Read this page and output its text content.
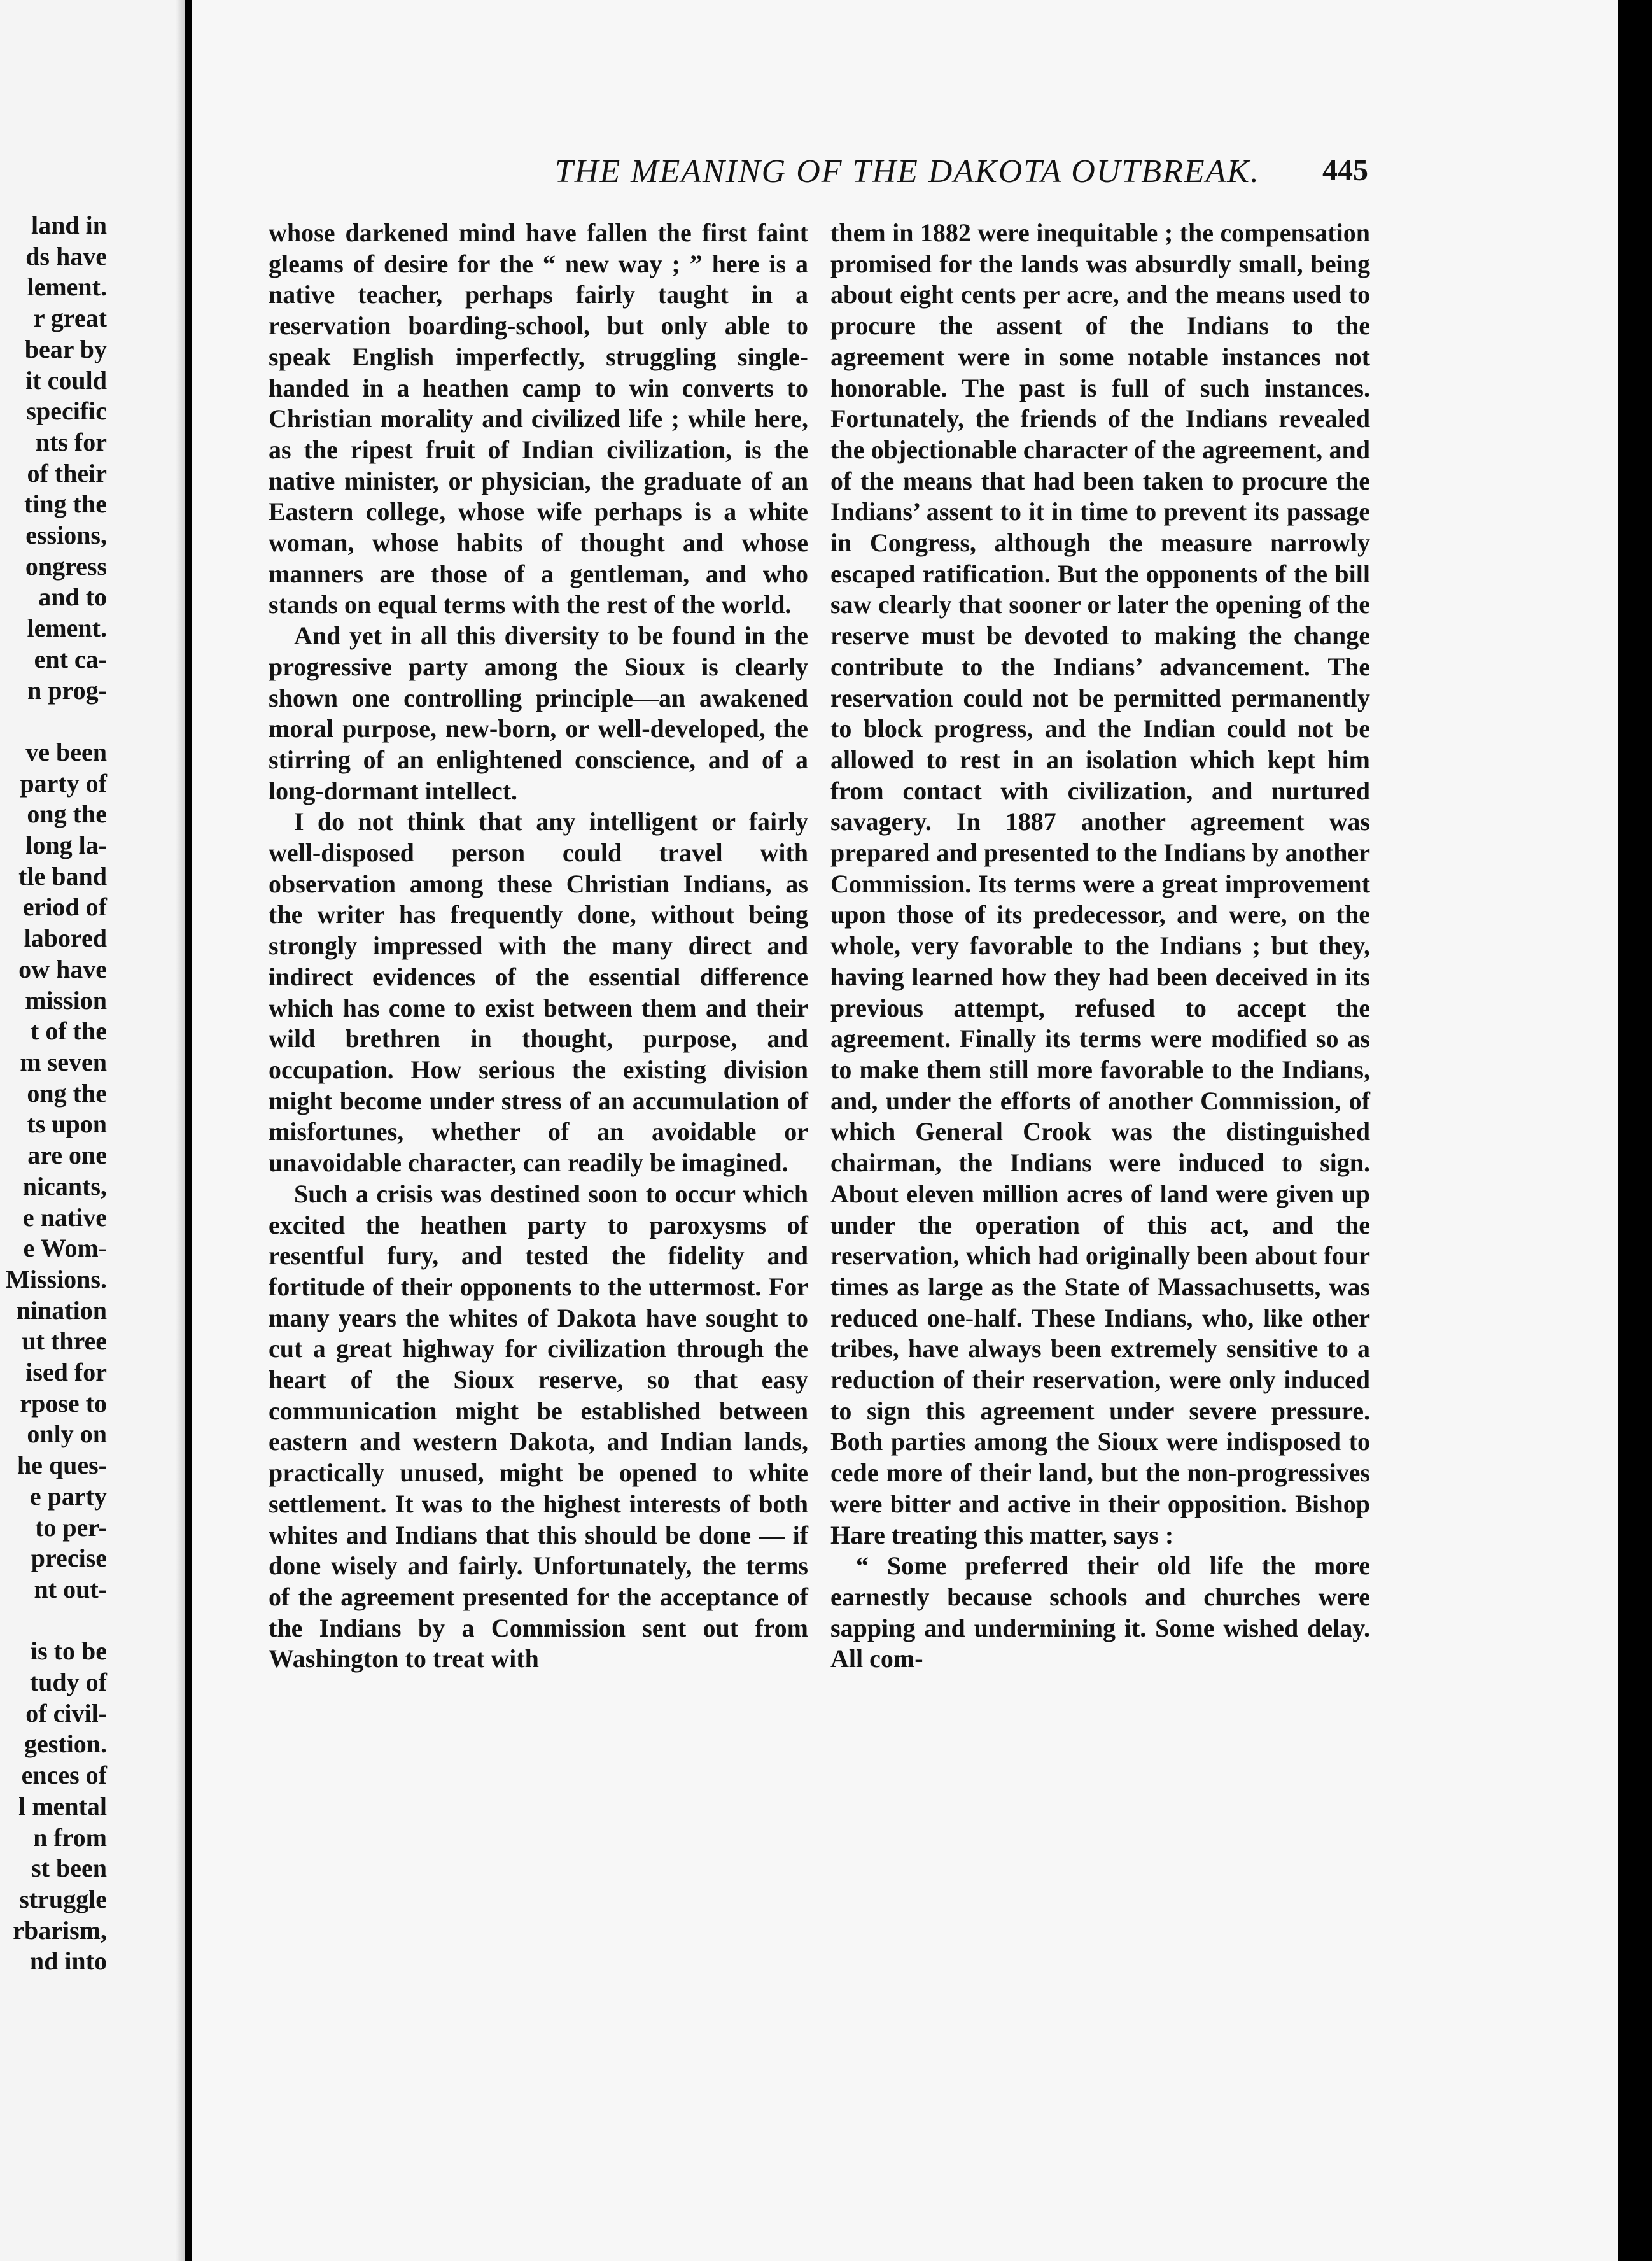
land in
ds have
lement.
r great
bear by
it could
specific
nts for
of their
ting the
essions,
ongress
and to
lement.
ent ca-
n prog-

ve been
party of
ong the
long la-
tle band
eriod of
labored
ow have
mission
t of the
m seven
ong the
ts upon
are one
nicants,
e native
e Wom-
Missions.
nination
ut three
ised for
rpose to
only on
he ques-
e party
to per-
precise
nt out-

is to be
tudy of
of civil-
gestion.
ences of
l mental
n from
st been
struggle
rbarism,
nd into
THE MEANING OF THE DAKOTA OUTBREAK. 445

whose darkened mind have fallen the first faint gleams of desire for the “ new way ; ” here is a native teacher, perhaps fairly taught in a reservation boarding-school, but only able to speak English imperfectly, struggling single-handed in a heathen camp to win converts to Christian morality and civilized life ; while here, as the ripest fruit of Indian civilization, is the native minister, or physician, the graduate of an Eastern college, whose wife perhaps is a white woman, whose habits of thought and whose manners are those of a gentleman, and who stands on equal terms with the rest of the world.

And yet in all this diversity to be found in the progressive party among the Sioux is clearly shown one controlling principle—an awakened moral purpose, new-born, or well-developed, the stirring of an enlightened conscience, and of a long-dormant intellect.

I do not think that any intelligent or fairly well-disposed person could travel with observation among these Christian Indians, as the writer has frequently done, without being strongly impressed with the many direct and indirect evidences of the essential difference which has come to exist between them and their wild brethren in thought, purpose, and occupation. How serious the existing division might become under stress of an accumulation of misfortunes, whether of an avoidable or unavoidable character, can readily be imagined.

Such a crisis was destined soon to occur which excited the heathen party to paroxysms of resentful fury, and tested the fidelity and fortitude of their opponents to the uttermost. For many years the whites of Dakota have sought to cut a great highway for civilization through the heart of the Sioux reserve, so that easy communication might be established between eastern and western Dakota, and Indian lands, practically unused, might be opened to white settlement. It was to the highest interests of both whites and Indians that this should be done — if done wisely and fairly. Unfortunately, the terms of the agreement presented for the acceptance of the Indians by a Commission sent out from Washington to treat with

them in 1882 were inequitable ; the compensation promised for the lands was absurdly small, being about eight cents per acre, and the means used to procure the assent of the Indians to the agreement were in some notable instances not honorable. The past is full of such instances. Fortunately, the friends of the Indians revealed the objectionable character of the agreement, and of the means that had been taken to procure the Indians’ assent to it in time to prevent its passage in Congress, although the measure narrowly escaped ratification. But the opponents of the bill saw clearly that sooner or later the opening of the reserve must be devoted to making the change contribute to the Indians’ advancement. The reservation could not be permitted permanently to block progress, and the Indian could not be allowed to rest in an isolation which kept him from contact with civilization, and nurtured savagery. In 1887 another agreement was prepared and presented to the Indians by another Commission. Its terms were a great improvement upon those of its predecessor, and were, on the whole, very favorable to the Indians ; but they, having learned how they had been deceived in its previous attempt, refused to accept the agreement. Finally its terms were modified so as to make them still more favorable to the Indians, and, under the efforts of another Commission, of which General Crook was the distinguished chairman, the Indians were induced to sign. About eleven million acres of land were given up under the operation of this act, and the reservation, which had originally been about four times as large as the State of Massachusetts, was reduced one-half. These Indians, who, like other tribes, have always been extremely sensitive to a reduction of their reservation, were only induced to sign this agreement under severe pressure. Both parties among the Sioux were indisposed to cede more of their land, but the non-progressives were bitter and active in their opposition. Bishop Hare treating this matter, says :

“ Some preferred their old life the more earnestly because schools and churches were sapping and undermining it. Some wished delay. All com-
